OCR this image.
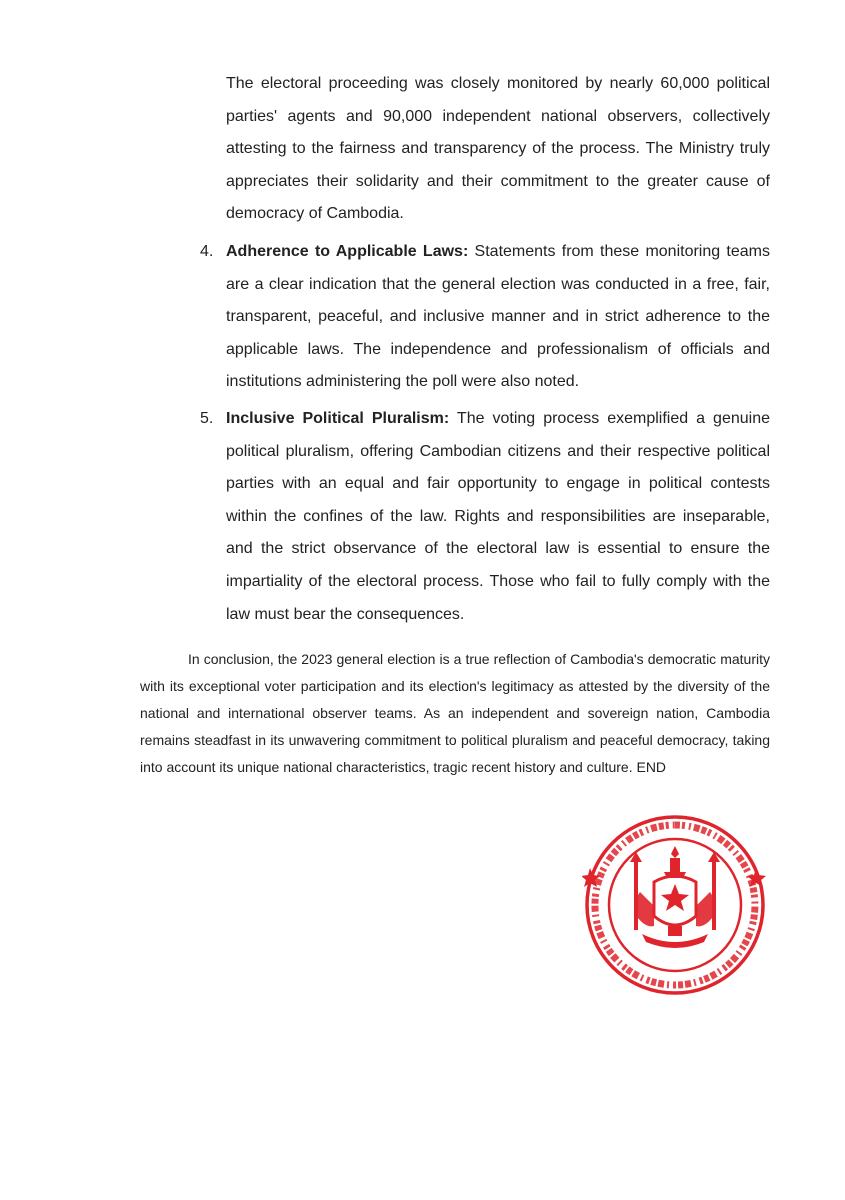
The electoral proceeding was closely monitored by nearly 60,000 political parties' agents and 90,000 independent national observers, collectively attesting to the fairness and transparency of the process. The Ministry truly appreciates their solidarity and their commitment to the greater cause of democracy of Cambodia.

4. Adherence to Applicable Laws: Statements from these monitoring teams are a clear indication that the general election was conducted in a free, fair, transparent, peaceful, and inclusive manner and in strict adherence to the applicable laws. The independence and professionalism of officials and institutions administering the poll were also noted.

5. Inclusive Political Pluralism: The voting process exemplified a genuine political pluralism, offering Cambodian citizens and their respective political parties with an equal and fair opportunity to engage in political contests within the confines of the law. Rights and responsibilities are inseparable, and the strict observance of the electoral law is essential to ensure the impartiality of the electoral process. Those who fail to fully comply with the law must bear the consequences.

In conclusion, the 2023 general election is a true reflection of Cambodia's democratic maturity with its exceptional voter participation and its election's legitimacy as attested by the diversity of the national and international observer teams. As an independent and sovereign nation, Cambodia remains steadfast in its unwavering commitment to political pluralism and peaceful democracy, taking into account its unique national characteristics, tragic recent history and culture. END
